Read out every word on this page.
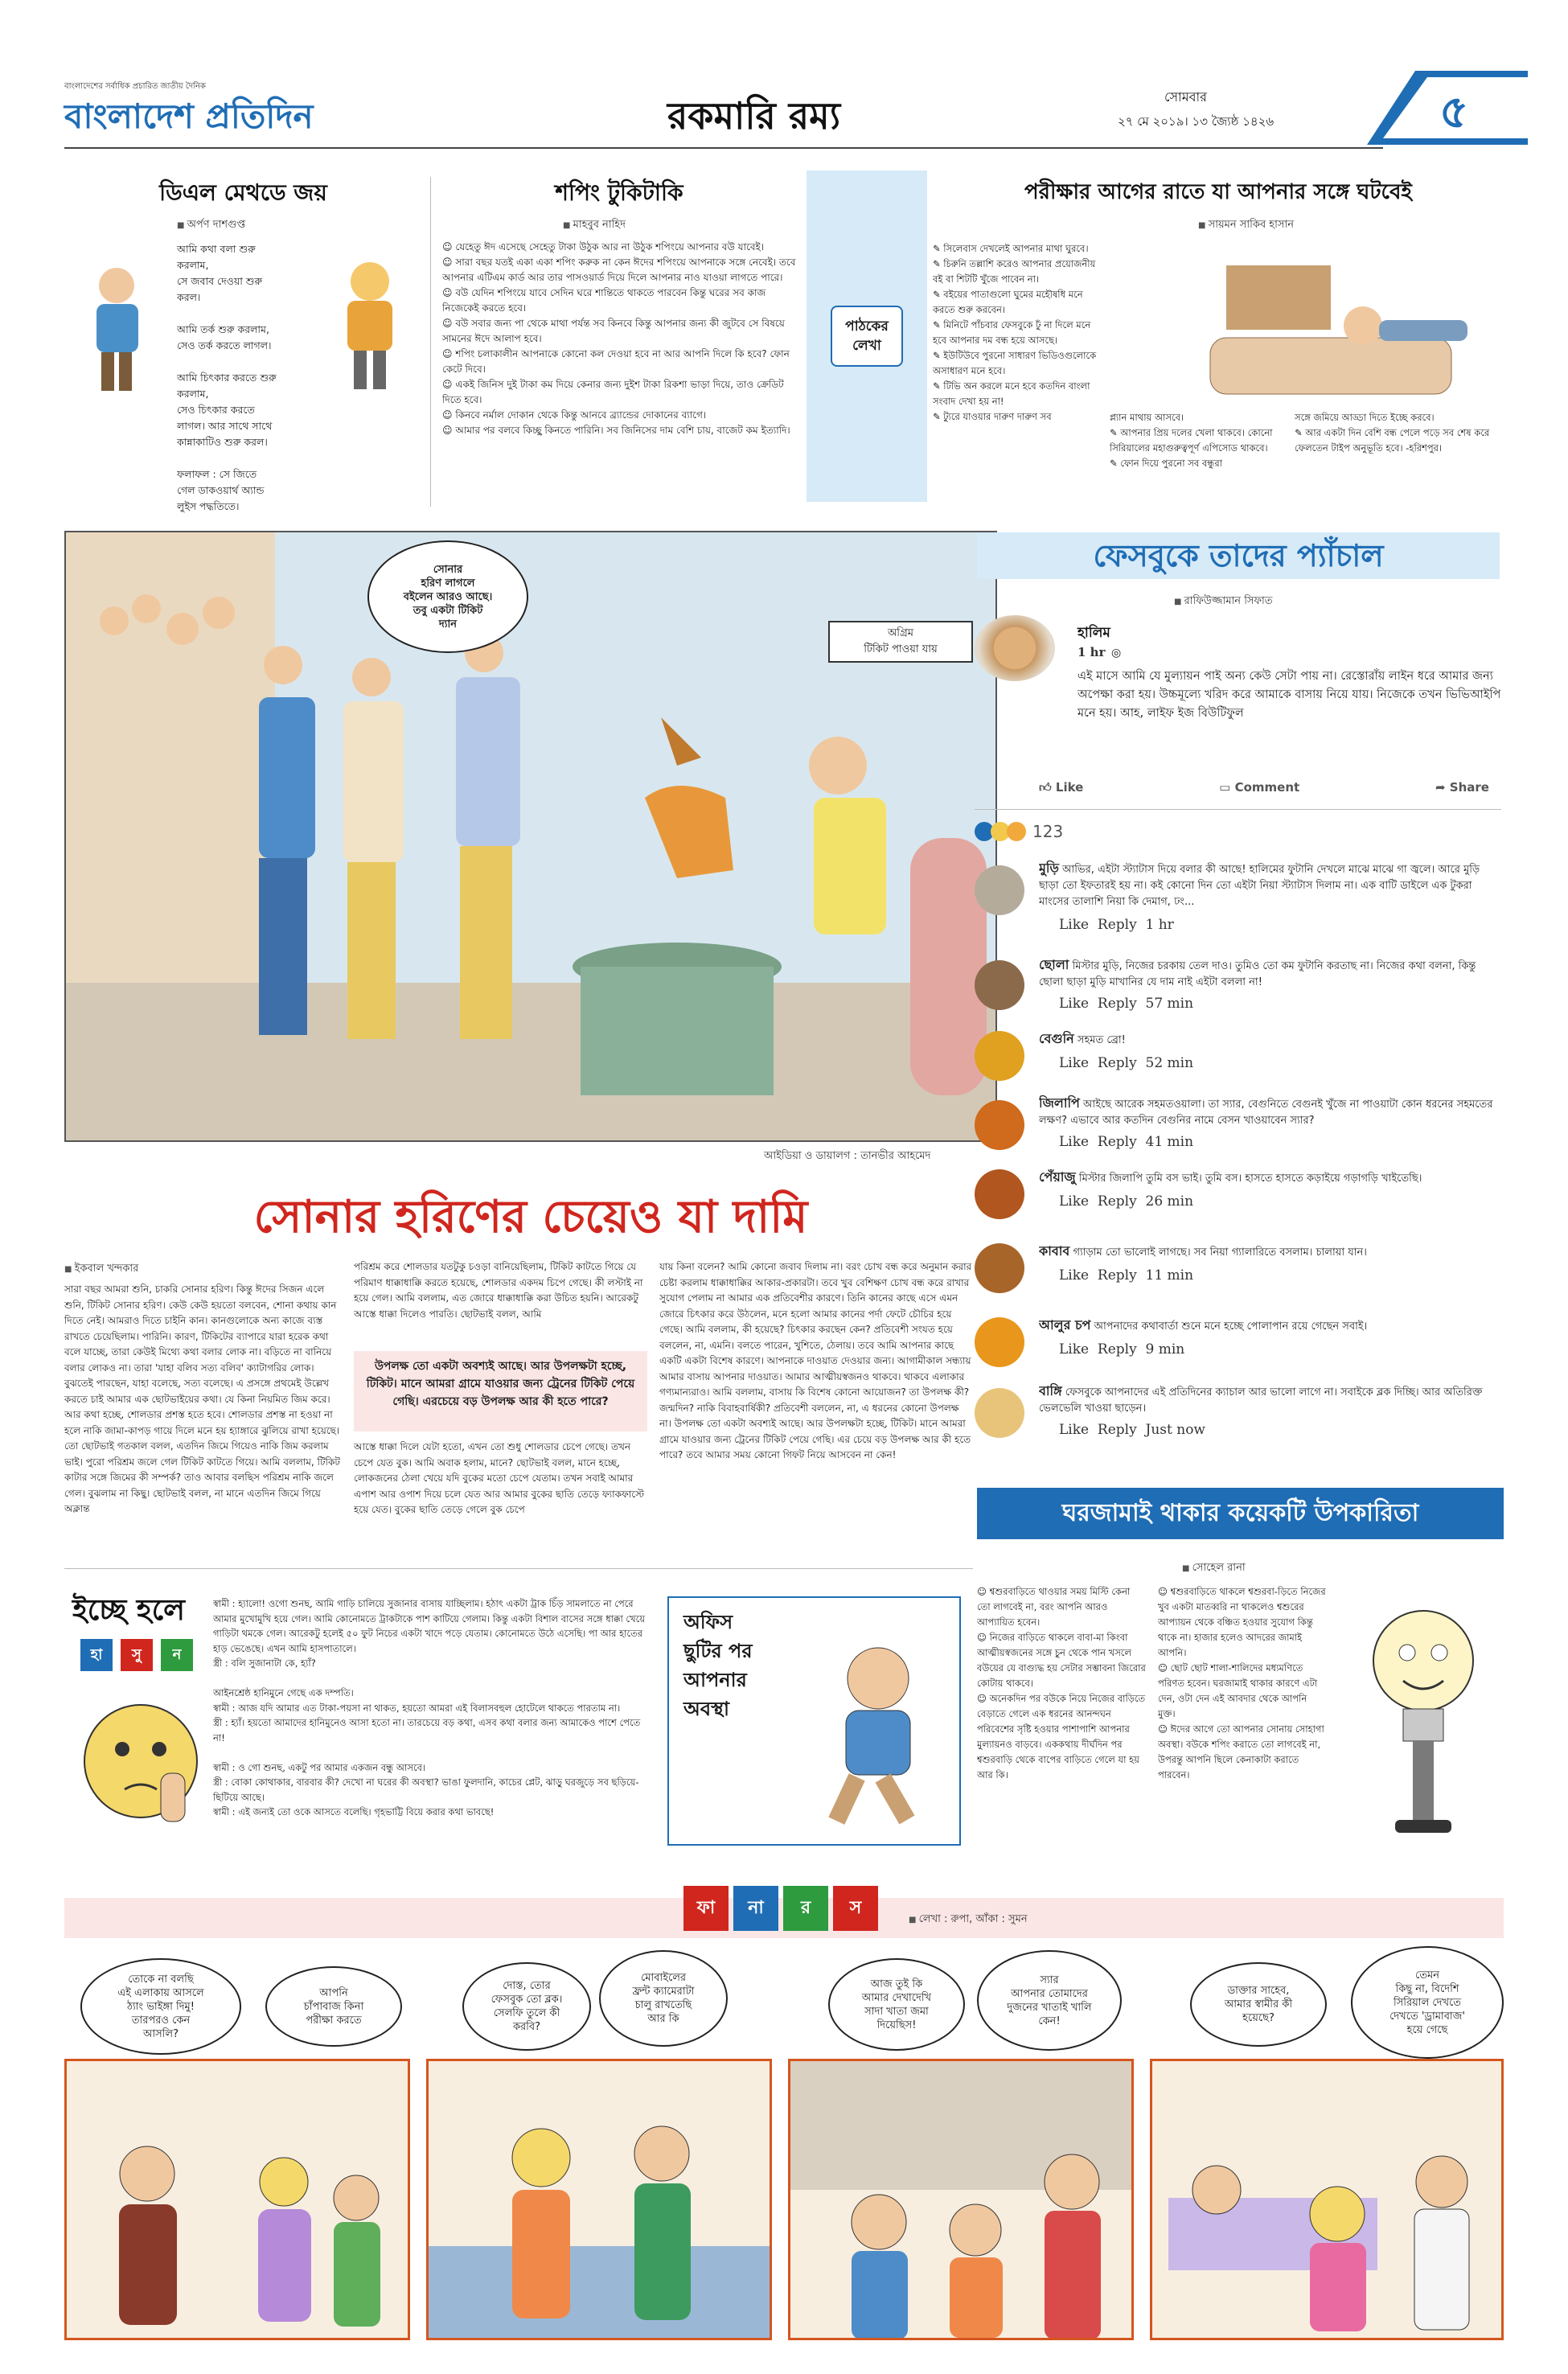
বাংলাদেশের সর্বাধিক প্রচারিত জাতীয় দৈনিক
বাংলাদেশ প্রতিদিন	রকমারি রম্য	সোমবার
২৭ মে ২০১৯। ১৩ জ্যৈষ্ঠ ১৪২৬	৫
ডিএল মেথডে জয়
■ অর্পণ দাশগুপ্ত
আমি কথা বলা শুরু
করলাম,
সে জবাব দেওয়া শুরু
করল।

আমি তর্ক শুরু করলাম,
সেও তর্ক করতে লাগল।

আমি চিৎকার করতে শুরু
করলাম,
সেও চিৎকার করতে
লাগল। আর সাথে সাথে
কান্নাকাটিও শুরু করল।

ফলাফল : সে জিতে
গেল ডাকওয়ার্থ অ্যান্ড
লুইস পদ্ধতিতে।
শপিং টুকিটাকি
■ মাহবুব নাহিদ
☺ যেহেতু ঈদ এসেছে সেহেতু টাকা উঠুক আর না উঠুক শপিংয়ে আপনার বউ যাবেই।
☺ সারা বছর যতই একা একা শপিং করুক না কেন ঈদের শপিংয়ে আপনাকে সঙ্গে নেবেই। তবে আপনার এটিএম কার্ড আর তার পাসওয়ার্ড দিয়ে দিলে আপনার নাও যাওয়া লাগতে পারে।
☺ বউ যেদিন শপিংয়ে যাবে সেদিন ঘরে শান্তিতে থাকতে পারবেন কিন্তু ঘরের সব কাজ নিজেকেই করতে হবে।
☺ বউ সবার জন্য পা থেকে মাথা পর্যন্ত সব কিনবে কিন্তু আপনার জন্য কী জুটবে সে বিষয়ে সামনের ঈদে আলাপ হবে।
☺ শপিং চলাকালীন আপনাকে কোনো কল দেওয়া হবে না আর আপনি দিলে কি হবে? ফোন কেটে দিবে।
☺ একই জিনিস দুই টাকা কম দিয়ে কেনার জন্য দুইশ টাকা রিকশা ভাড়া দিয়ে, তাও ক্রেডিট দিতে হবে।
☺ কিনবে নর্মাল দোকান থেকে কিন্তু আনবে ব্র্যান্ডের দোকানের ব্যাগে।
☺ আমার পর বলবে কিচ্ছু কিনতে পারিনি। সব জিনিসের দাম বেশি চায়, বাজেট কম ইত্যাদি।
পাঠকের
লেখা
পরীক্ষার আগের রাতে যা আপনার সঙ্গে ঘটবেই
■ সায়মন সাকিব হাসান
✎ সিলেবাস দেখলেই আপনার মাথা ঘুরবে।
✎ চিরুনি তল্লাশি করেও আপনার প্রয়োজনীয় বই বা শিটটি খুঁজে পাবেন না।
✎ বইয়ের পাতাগুলো ঘুমের মহৌষধি মনে করতে শুরু করবেন।
✎ মিনিটে পাঁচবার ফেসবুকে ঢুঁ না দিলে মনে হবে আপনার দম বন্ধ হয়ে আসছে।
✎ ইউটিউবে পুরনো সাধারণ ভিডিওগুলোকে অসাধারণ মনে হবে।
✎ টিভি অন করলে মনে হবে কতদিন বাংলা সংবাদ দেখা হয় না!
✎ ট্যুরে যাওয়ার দারুণ দারুণ সব	প্ল্যান মাথায় আসবে।
✎ আপনার প্রিয় দলের খেলা থাকবে। কোনো সিরিয়ালের মহাগুরুত্বপূর্ণ এপিসোড থাকবে।
✎ ফোন দিয়ে পুরনো সব বন্ধুরা
সঙ্গে জমিয়ে আড্ডা দিতে ইচ্ছে করবে।
✎ আর একটা দিন বেশি বন্ধ পেলে পড়ে সব শেষ করে ফেলতেন টাইপ অনুভূতি হবে। -হরিশপুর।
সোনার
হরিণ লাগলে
বইলেন আরও আছে।
তবু একটা টিকিট
দ্যান
অগ্রিম
টিকিট পাওয়া যায়
আইডিয়া ও ডায়ালগ : তানভীর আহমেদ
সোনার হরিণের চেয়েও যা দামি
■ ইকবাল খন্দকার
সারা বছর আমরা শুনি, চাকরি সোনার হরিণ। কিন্তু ঈদের সিজন এলে শুনি, টিকিট সোনার হরিণ। কেউ কেউ হয়তো বলবেন, শোনা কথায় কান দিতে নেই। আমরাও দিতে চাইনি কান। কানগুলোকে অন্য কাজে ব্যস্ত রাখতে চেয়েছিলাম। পারিনি। কারণ, টিকিটের ব্যাপারে যারা হরেক কথা বলে যাচ্ছে, তারা কেউই মিথ্যে কথা বলার লোক না। বড়িতে না বানিয়ে বলার লোকও না। তারা 'যাহা বলিব সত্য বলিব' ক্যাটাগরির লোক। বুঝতেই পারছেন, যাহা বলেছে, সত্য বলেছে। এ প্রসঙ্গে প্রথমেই উল্লেখ করতে চাই আমার এক ছোটভাইয়ের কথা। যে কিনা নিয়মিত জিম করে। আর কথা হচ্ছে, শোলডার প্রশস্ত হতে হবে। শোলডার প্রশস্ত না হওয়া না হলে নাকি জামা-কাপড় গায়ে দিলে মনে হয় হ্যাঙ্গারে ঝুলিয়ে রাখা হয়েছে। তো ছোটভাই গতকাল বলল, এতদিন জিমে গিয়েও নাকি জিম করলাম ভাই। পুরো পরিশ্রম জলে গেল টিকিট কাটতে গিয়ে। আমি বললাম, টিকিট কাটার সঙ্গে জিমের কী সম্পর্ক? তাও আবার বলছিস পরিশ্রম নাকি জলে গেল। বুঝলাম না কিছু। ছোটভাই বলল, না মানে এতদিন জিমে গিয়ে অক্লান্ত
পরিশ্রম করে শোলডার যতটুকু চওড়া বানিয়েছিলাম, টিকিট কাটতে গিয়ে যে পরিমাণ ধাক্কাধাক্কি করতে হয়েছে, শোলডার একদম চিপে গেছে। কী লস্টাই না হয়ে গেল। আমি বললাম, এত জোরে ধাক্কাধাক্কি করা উচিত হয়নি। আরেকটু আস্তে ধাক্কা দিলেও পারতি। ছোটভাই বলল, আমি
উপলক্ষ তো একটা অবশ্যই আছে। আর উপলক্ষটা হচ্ছে, টিকিট। মানে আমরা গ্রামে যাওয়ার জন্য ট্রেনের টিকিট পেয়ে গেছি। এরচেয়ে বড় উপলক্ষ আর কী হতে পারে?
আস্তে ধাক্কা দিলে যেটা হতো, এখন তো শুধু শোলডার চেপে গেছে। তখন চেপে যেত বুক। আমি অবাক হলাম, মানে? ছোটভাই বলল, মানে হচ্ছে, লোকজনের ঠেলা খেয়ে যদি বুকের মতো চেপে যেতাম। তখন সবাই আমার এপাশ আর ওপাশ দিয়ে চলে যেত আর আমার বুকের ছাতি তেড়ে ফ্যাকফাস্টে হয়ে যেত। বুকের ছাতি তেড়ে গেলে বুক চেপে
যায় কিনা বলেন? আমি কোনো জবাব দিলাম না। বরং চোখ বন্ধ করে অনুমান করার চেষ্টা করলাম ধাক্কাধাক্কির আকার-প্রকারটা। তবে খুব বেশিক্ষণ চোখ বন্ধ করে রাখার সুযোগ পেলাম না আমার এক প্রতিবেশীর কারণে। তিনি কানের কাছে এসে এমন জোরে চিৎকার করে উঠলেন, মনে হলো আমার কানের পর্দা ফেটে চৌচির হয়ে গেছে। আমি বললাম, কী হয়েছে? চিৎকার করছেন কেন? প্রতিবেশী সংযত হয়ে বললেন, না, এমনি। বলতে পারেন, খুশিতে, ঠেলায়। তবে আমি আপনার কাছে একটি একটা বিশেষ কারণে। আপনাকে দাওয়াত দেওয়ার জন্য। আগামীকাল সন্ধ্যায় আমার বাসায় আপনার দাওয়াত। আমার আত্মীয়স্বজনও থাকবে। থাকবে এলাকার গণ্যমান্যরাও। আমি বললাম, বাসায় কি বিশেষ কোনো আয়োজন? তা উপলক্ষ কী? জন্মদিন? নাকি বিবাহবার্ষিকী? প্রতিবেশী বললেন, না, এ ধরনের কোনো উপলক্ষ না। উপলক্ষ তো একটা অবশ্যই আছে। আর উপলক্ষটা হচ্ছে, টিকিট। মানে আমরা গ্রামে যাওয়ার জন্য ট্রেনের টিকিট পেয়ে গেছি। এর চেয়ে বড় উপলক্ষ আর কী হতে পারে? তবে আমার সময় কোনো গিফট নিয়ে আসবেন না কেন!
ফেসবুকে তাদের প্যাঁচাল
■ রাফিউজ্জামান সিফাত
হালিম
1 hr ◎
এই মাসে আমি যে মুল্যায়ন পাই অন্য কেউ সেটা পায় না। রেস্তোরাঁয় লাইন ধরে আমার জন্য অপেক্ষা করা হয়। উচ্চমূল্যে খরিদ করে আমাকে বাসায় নিয়ে যায়। নিজেকে তখন ভিভিআইপি মনে হয়। আহ, লাইফ ইজ বিউটিফুল
👍︎ Like	▭ Comment	➦ Share
123
মুড়ি আভির, এইটা স্ট্যাটাস দিয়ে বলার কী আছে! হালিমের ফুটানি দেখলে মাঝে মাঝে গা জ্বলে। আরে মুড়ি ছাড়া তো ইফতারই হয় না। কই কোনো দিন তো এইটা নিয়া স্ট্যাটাস দিলাম না। এক বাটি ডাইলে এক টুকরা মাংসের তালাশি নিয়া কি দেমাগ, ঢং...
Like Reply 1 hr
ছোলা মিস্টার মুড়ি, নিজের চরকায় তেল দাও। তুমিও তো কম ফুটানি করতাছ না। নিজের কথা বলনা, কিন্তু ছোলা ছাড়া মুড়ি মাখানির যে দাম নাই এইটা বললা না!
Like Reply 57 min
বেগুনি সহমত ব্রো!
Like Reply 52 min
জিলাপি আইছে আরেক সহমতওয়ালা। তা স্যার, বেগুনিতে বেগুনই খুঁজে না পাওয়াটা কোন ধরনের সহমতের লক্ষণ? এভাবে আর কতদিন বেগুনির নামে বেসন খাওয়াবেন স্যার?
Like Reply 41 min
পেঁয়াজু মিস্টার জিলাপি তুমি বস ভাই। তুমি বস। হাসতে হাসতে কড়াইয়ে গড়াগড়ি খাইতেছি।
Like Reply 26 min
কাবাব গ্যাড়াম তো ভালোই লাগছে। সব নিয়া গ্যালারিতে বসলাম। চালায়া যান।
Like Reply 11 min
আলুর চপ আপনাদের কথাবার্তা শুনে মনে হচ্ছে পোলাপান রয়ে গেছেন সবাই।
Like Reply 9 min
বাঙ্গি ফেসবুকে আপনাদের এই প্রতিদিনের ক্যাচাল আর ভালো লাগে না। সবাইকে ব্লক দিচ্ছি। আর অতিরিক্ত ভেলভেলি খাওয়া ছাড়েন।
Like Reply Just now
ঘরজামাই থাকার কয়েকটি উপকারিতা
■ সোহেল রানা
☺ শ্বশুরবাড়িতে থাওয়ার সময় মিস্টি কেনা তো লাগবেই না, বরং আপনি আরও আপ্যায়িত হবেন।
☺ নিজের বাড়িতে থাকলে বাবা-মা কিংবা আত্মীয়স্বজনের সঙ্গে চুন থেকে পান খসলে বউয়ের যে বাগ্যুদ্ধ হয় সেটার সম্ভাবনা জিরোর কোটায় থাকবে।
☺ অনেকদিন পর বউকে নিয়ে নিজের বাড়িতে বেড়াতে গেলে এক ধরনের আনন্দঘন পরিবেশের সৃষ্টি হওয়ার পাশাপাশি আপনার মুল্যায়নও বাড়বে। এককথায় দীর্ঘদিন পর শ্বশুরবাড়ি থেকে বাপের বাড়িতে গেলে যা হয় আর কি।
☺ শ্বশুরবাড়িতে থাকলে শ্বশুরবা-ড়িতে নিজের খুব একটা মাতব্বরি না থাকলেও শ্বশুরের আপ্যায়ন থেকে বঞ্চিত হওয়ার সুযোগ কিন্তু থাকে না। হাজার হলেও আদরের জামাই আপনি।
☺ ছোট ছোট শালা-শালিদের মধ্যমণিতে পরিণত হবেন। ঘরজামাই থাকার কারণে এটা দেন, ওটা দেন এই আবদার থেকে আপনি মুক্ত।
☺ ঈদের আগে তো আপনার সোনায় সোহাগা অবস্থা। বউকে শপিং করাতে তো লাগবেই না, উপরন্তু আপনি ছিলে কেনাকাটা করাতে পারবেন।
ইচ্ছে হলে
হা	সু	ন
স্বামী : হ্যালো! ওগো শুনছ, আমি গাড়ি চালিয়ে সুজানার বাসায় যাচ্ছিলাম। হঠাৎ একটা ট্রাক চিঁড় সামলাতে না পেরে আমার মুখোমুখি হয়ে গেল। আমি কোনোমতে ট্রাকটাকে পাশ কাটিয়ে গেলাম। কিন্তু একটা বিশাল বাসের সঙ্গে ধাক্কা খেয়ে গাড়িটা থমকে গেল। আরেকটু হলেই ৫০ ফুট নিচের একটা খাদে পড়ে যেতাম। কোনোমতে উঠে এসেছি। পা আর হাতের হাড় ভেঙেছে। এখন আমি হাসপাতালে।
স্ত্রী : বলি সুজানাটা কে, হ্যাঁ?

আইনশ্রেষ্ঠ হানিমুনে গেছে এক দম্পতি।
স্বামী : আজ যদি আমার এত টাকা-পয়সা না থাকত, হয়তো আমরা এই বিলাসবহুল হোটেলে থাকতে পারতাম না।
স্ত্রী : হ্যাঁ। হয়তো আমাদের হানিমুনেও আসা হতো না। তারচেয়ে বড় কথা, এসব কথা বলার জন্য আমাকেও পাশে পেতে না!

স্বামী : ও গো শুনছ, একটু পর আমার একজন বন্ধু আসবে।
স্ত্রী : বোকা কোথাকার, বারবার কী? দেখো না ঘরের কী অবস্থা? ভাঙা ফুলদানি, কাচের প্লেট, ঝাড়ু ঘরজুড়ে সব ছড়িয়ে-ছিটিয়ে আছে।
স্বামী : এই জন্যই তো ওকে আসতে বলেছি। গৃহভাট্টি বিয়ে করার কথা ভাবছে!
অফিস
ছুটির পর
আপনার
অবস্থা
ফা	না	র	স
■ লেখা : রুপা, আঁকা : সুমন
তোকে না বলছি
এই এলাকায় আসলে
ঠ্যাং ভাইঙ্গা দিমু!
তারপরও কেন
আসলি?
আপনি
চাঁপাবাজ কিনা
পরীক্ষা করতে
দোস্ত, তোর
ফেসবুক তো ব্লক।
সেলফি তুলে কী
করবি?
মোবাইলের
ফ্রন্ট ক্যামেরাটা
চালু রাখতেছি
আর কি
আজ তুই কি
আমার দেখাদেখি
সাদা খাতা জমা
দিয়েছিস!
স্যার
আপনার তোমাদের
দুজনের খাতাই খালি
কেন!
ডাক্তার সাহেব,
আমার স্বামীর কী
হয়েছে?
তেমন
কিছু না, বিদেশি
সিরিয়াল দেখতে
দেখতে 'ড্রামাবাজ'
হয়ে গেছে
